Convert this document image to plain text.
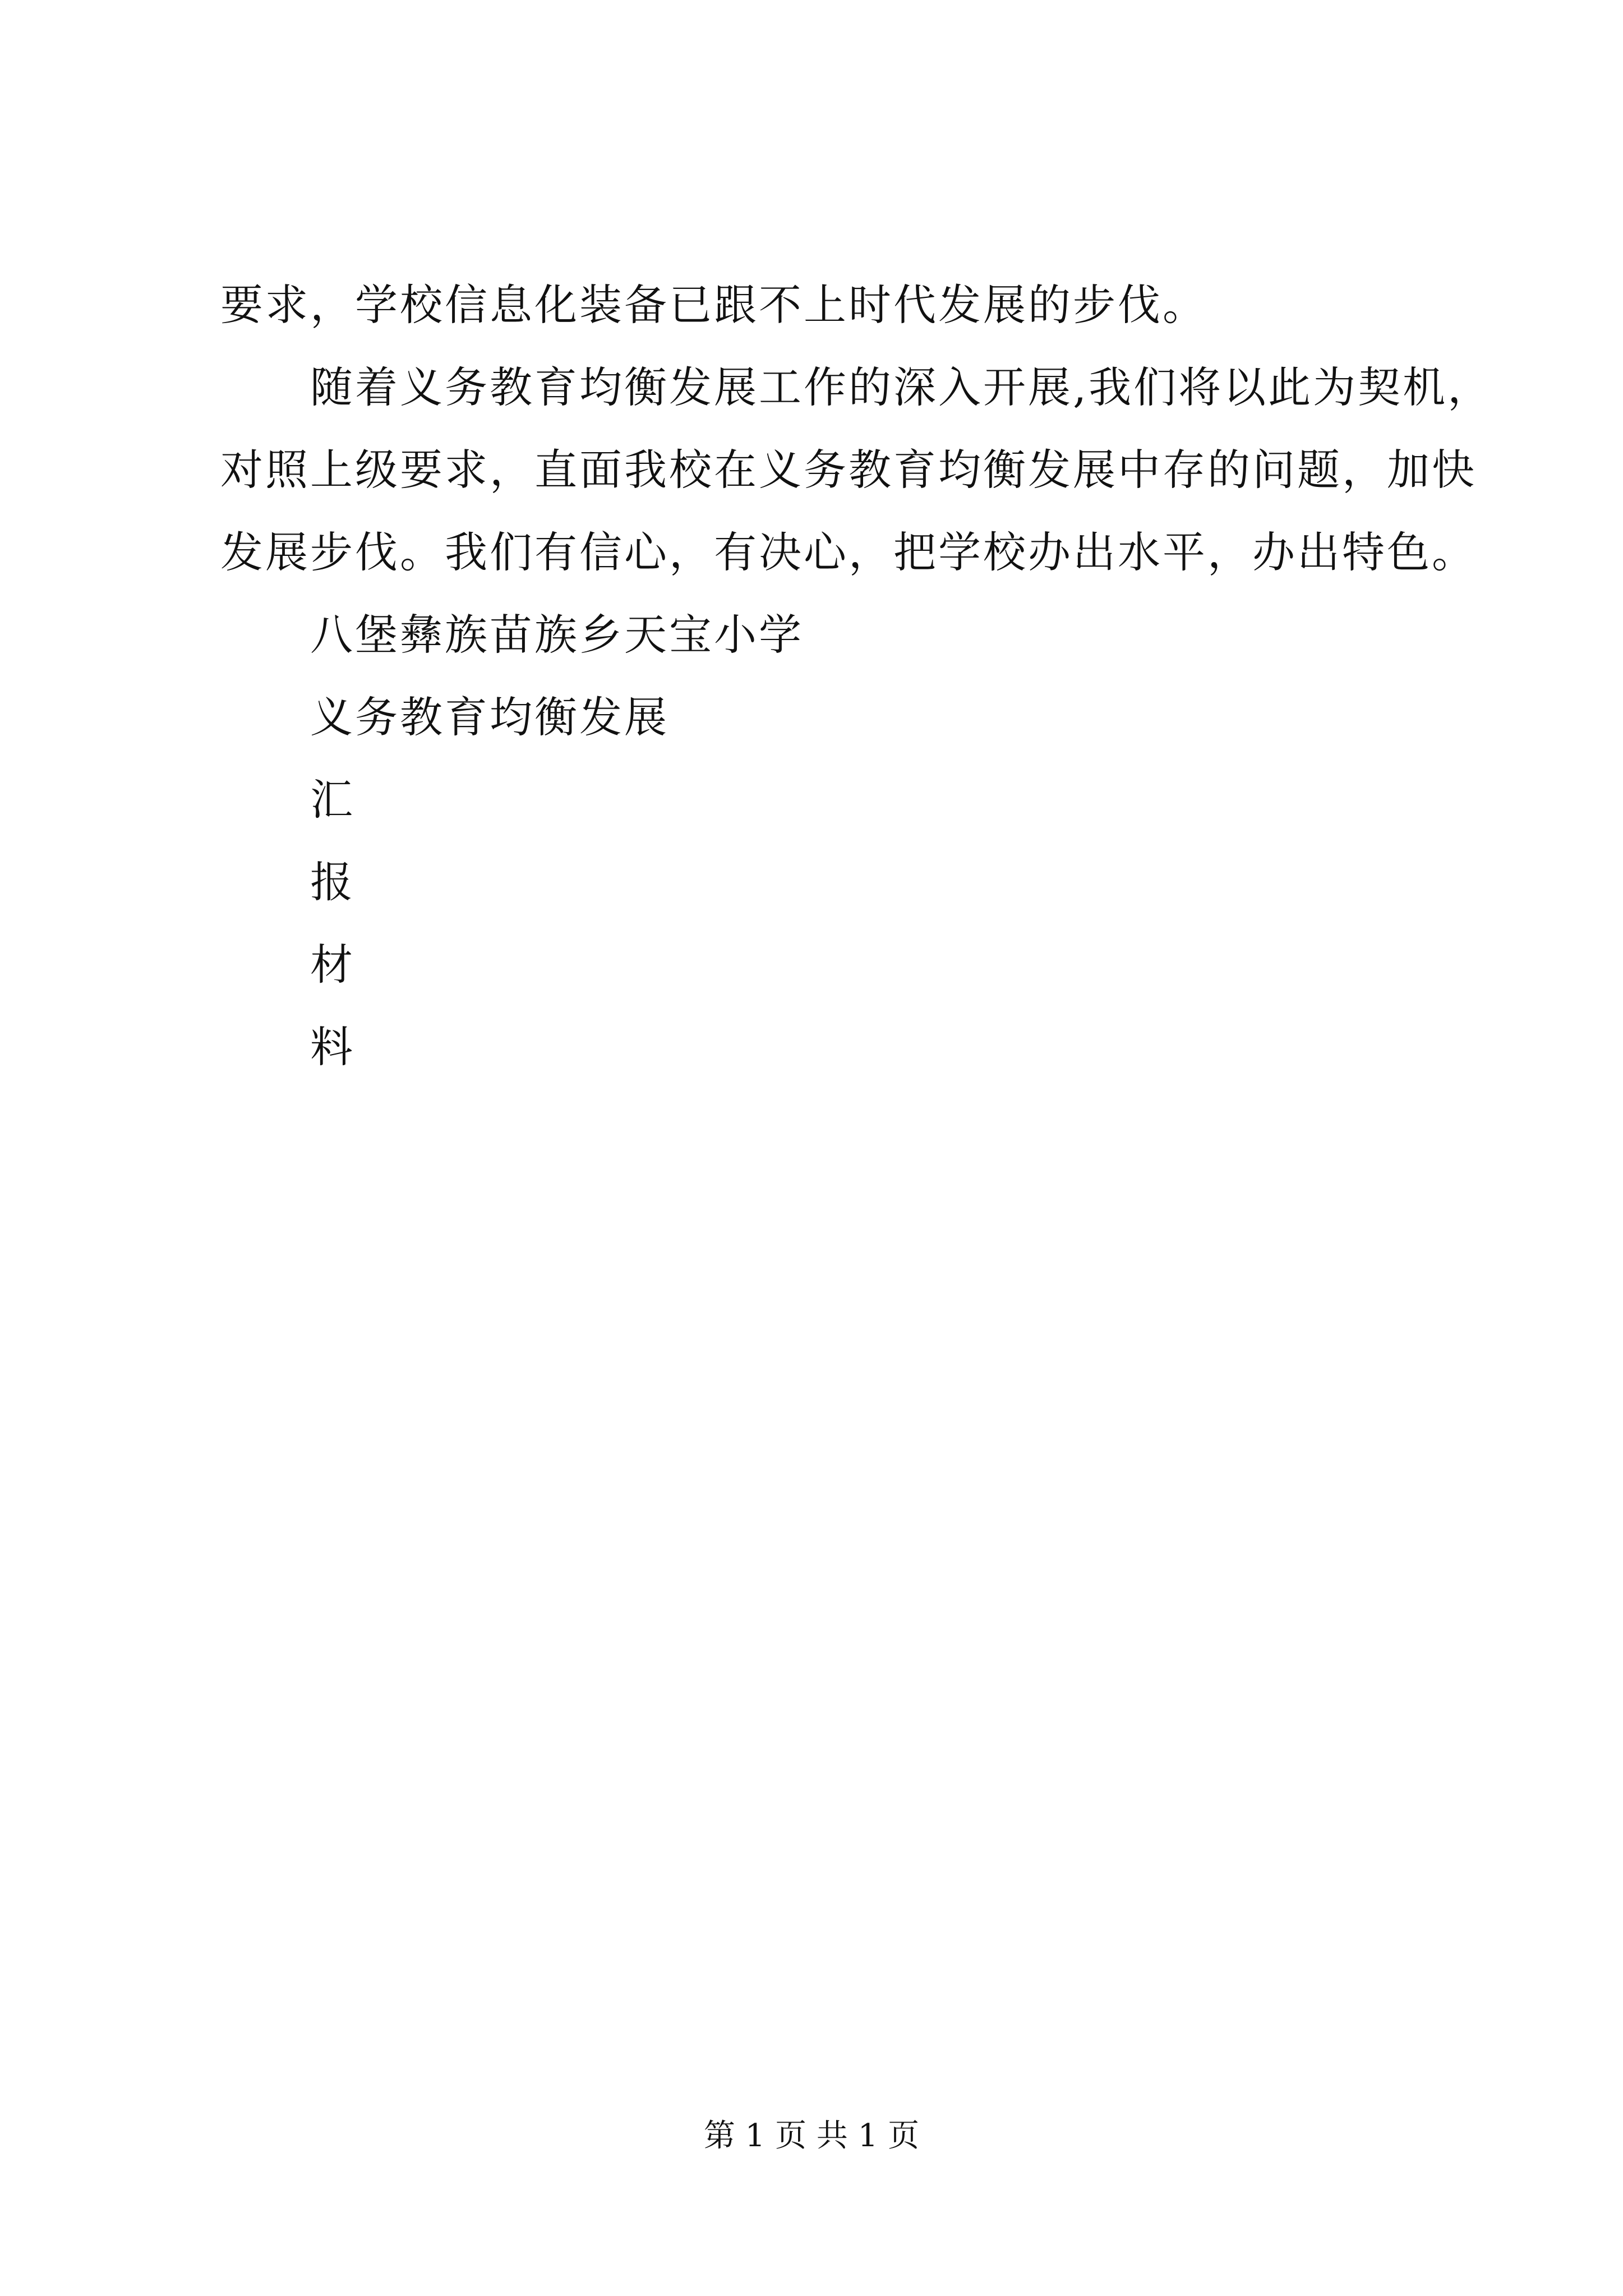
要求，学校信息化装备已跟不上时代发展的步伐。
随着义务教育均衡发展工作的深入开展,我们将以此为契机，
对照上级要求，直面我校在义务教育均衡发展中存的问题，加快
发展步伐。我们有信心，有决心，把学校办出水平，办出特色。
八堡彝族苗族乡天宝小学
义务教育均衡发展
汇
报
材
料
第 1 页 共 1 页
